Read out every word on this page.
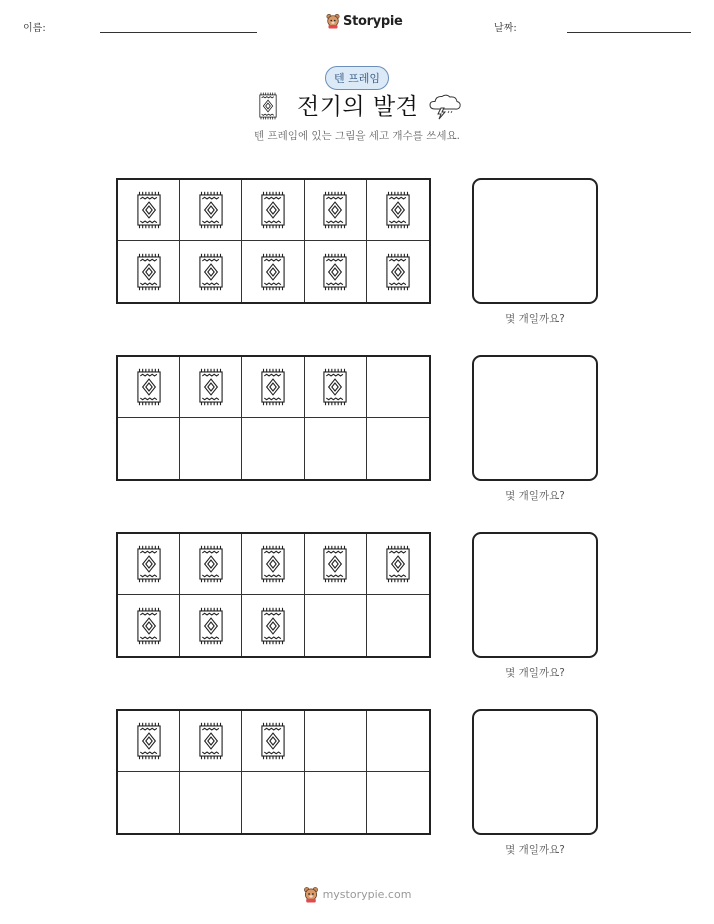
이름:	Storypie	날짜:
텐 프레임
전기의 발견
텐 프레임에 있는 그림을 세고 개수를 쓰세요.
몇 개일까요?
몇 개일까요?
몇 개일까요?
몇 개일까요?
mystorypie.com
